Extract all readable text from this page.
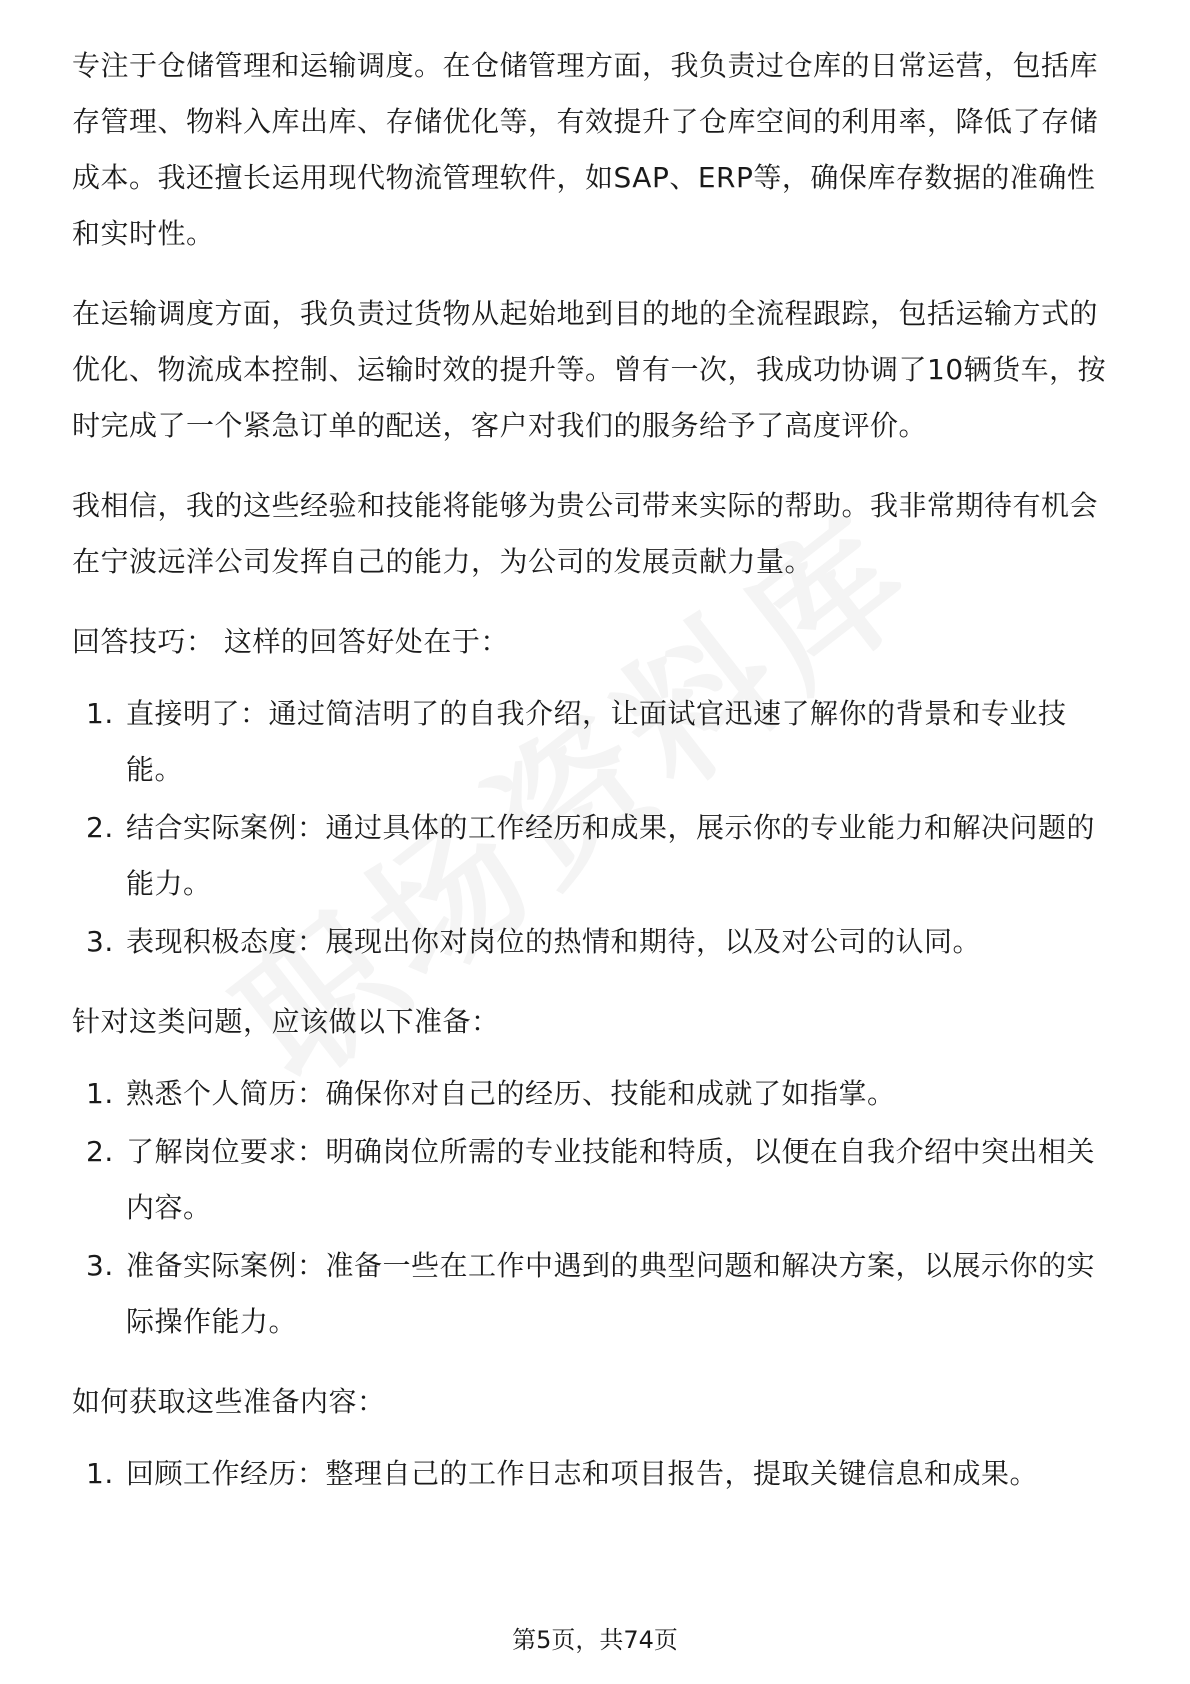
专注于仓储管理和运输调度。在仓储管理方面，我负责过仓库的日常运营，包括库存管理、物料入库出库、存储优化等，有效提升了仓库空间的利用率，降低了存储成本。我还擅长运用现代物流管理软件，如SAP、ERP等，确保库存数据的准确性和实时性。

在运输调度方面，我负责过货物从起始地到目的地的全流程跟踪，包括运输方式的优化、物流成本控制、运输时效的提升等。曾有一次，我成功协调了10辆货车，按时完成了一个紧急订单的配送，客户对我们的服务给予了高度评价。

我相信，我的这些经验和技能将能够为贵公司带来实际的帮助。我非常期待有机会在宁波远洋公司发挥自己的能力，为公司的发展贡献力量。

回答技巧： 这样的回答好处在于：

1. 直接明了：通过简洁明了的自我介绍，让面试官迅速了解你的背景和专业技能。
2. 结合实际案例：通过具体的工作经历和成果，展示你的专业能力和解决问题的能力。
3. 表现积极态度：展现出你对岗位的热情和期待，以及对公司的认同。

针对这类问题，应该做以下准备：

1. 熟悉个人简历：确保你对自己的经历、技能和成就了如指掌。
2. 了解岗位要求：明确岗位所需的专业技能和特质，以便在自我介绍中突出相关内容。
3. 准备实际案例：准备一些在工作中遇到的典型问题和解决方案，以展示你的实际操作能力。

如何获取这些准备内容：

1. 回顾工作经历：整理自己的工作日志和项目报告，提取关键信息和成果。
第5页，共74页
